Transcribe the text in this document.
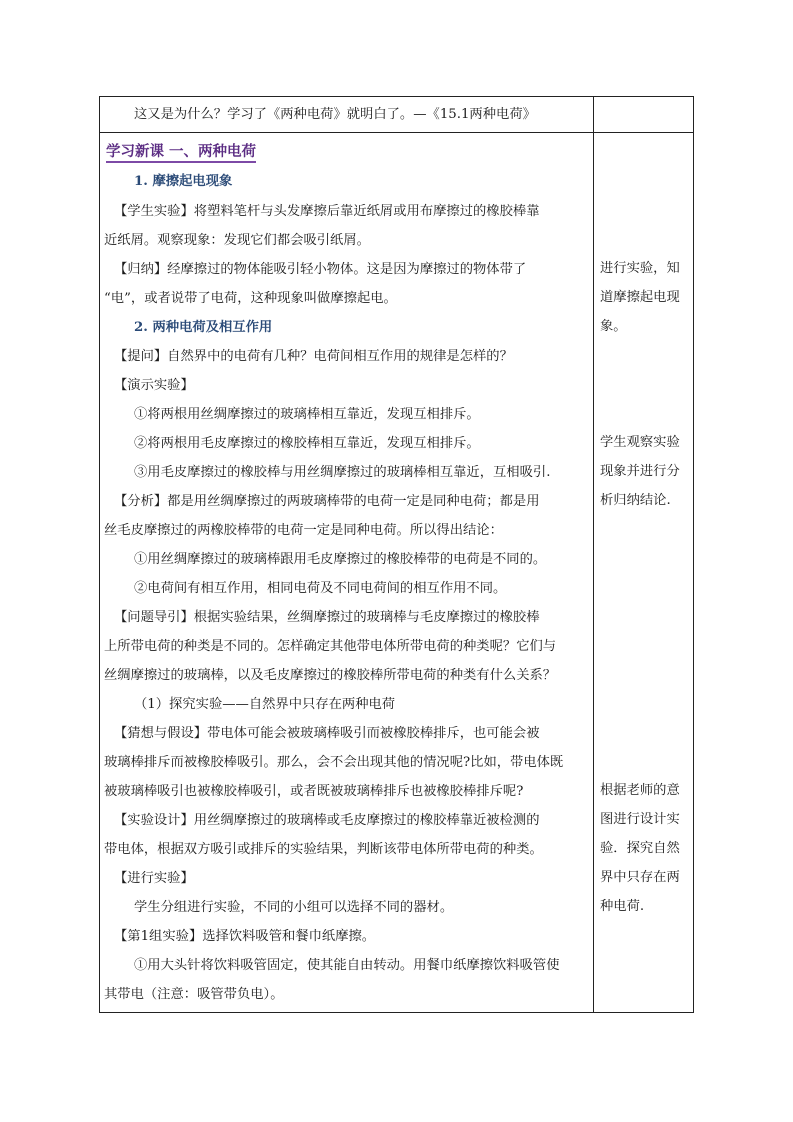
这又是为什么？学习了《两种电荷》就明白了。—《15.1两种电荷》
学习新课 一、两种电荷
1. 摩擦起电现象
【学生实验】将塑料笔杆与头发摩擦后靠近纸屑或用布摩擦过的橡胶棒靠
近纸屑。观察现象：发现它们都会吸引纸屑。
【归纳】经摩擦过的物体能吸引轻小物体。这是因为摩擦过的物体带了
“电”，或者说带了电荷，这种现象叫做摩擦起电。
2. 两种电荷及相互作用
【提问】自然界中的电荷有几种？电荷间相互作用的规律是怎样的？
【演示实验】
①将两根用丝绸摩擦过的玻璃棒相互靠近，发现互相排斥。
②将两根用毛皮摩擦过的橡胶棒相互靠近，发现互相排斥。
③用毛皮摩擦过的橡胶棒与用丝绸摩擦过的玻璃棒相互靠近，互相吸引.
【分析】都是用丝绸摩擦过的两玻璃棒带的电荷一定是同种电荷；都是用
丝毛皮摩擦过的两橡胶棒带的电荷一定是同种电荷。所以得出结论：
①用丝绸摩擦过的玻璃棒跟用毛皮摩擦过的橡胶棒带的电荷是不同的。
②电荷间有相互作用，相同电荷及不同电荷间的相互作用不同。
【问题导引】根据实验结果，丝绸摩擦过的玻璃棒与毛皮摩擦过的橡胶棒
上所带电荷的种类是不同的。怎样确定其他带电体所带电荷的种类呢？它们与
丝绸摩擦过的玻璃棒，以及毛皮摩擦过的橡胶棒所带电荷的种类有什么关系？
（1）探究实验——自然界中只存在两种电荷
【猜想与假设】带电体可能会被玻璃棒吸引而被橡胶棒排斥，也可能会被
玻璃棒排斥而被橡胶棒吸引。那么，会不会出现其他的情况呢?比如，带电体既
被玻璃棒吸引也被橡胶棒吸引，或者既被玻璃棒排斥也被橡胶棒排斥呢?
【实验设计】用丝绸摩擦过的玻璃棒或毛皮摩擦过的橡胶棒靠近被检测的
带电体，根据双方吸引或排斥的实验结果，判断该带电体所带电荷的种类。
【进行实验】
学生分组进行实验，不同的小组可以选择不同的器材。
【第1组实验】选择饮料吸管和餐巾纸摩擦。
①用大头针将饮料吸管固定，使其能自由转动。用餐巾纸摩擦饮料吸管使
其带电（注意：吸管带负电）。
进行实验，知道摩擦起电现象。
学生观察实验现象并进行分析归纳结论.
根据老师的意图进行设计实验．探究自然界中只存在两种电荷.
